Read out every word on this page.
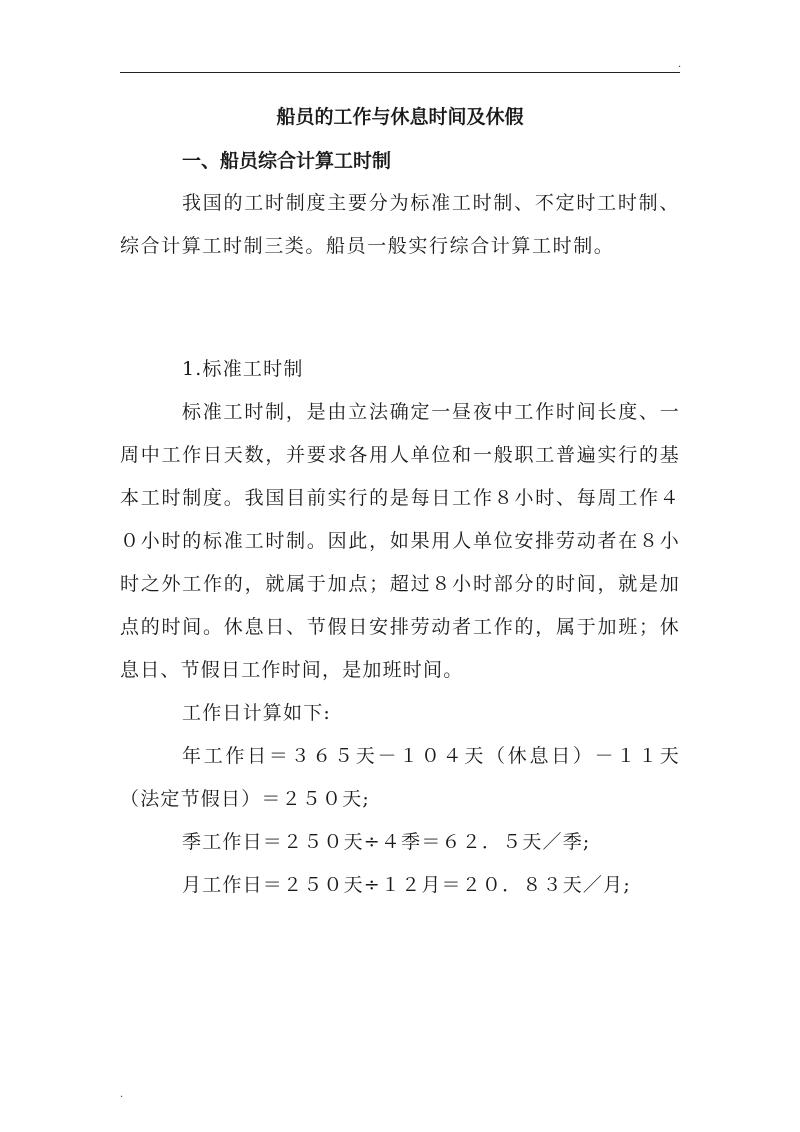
.
船员的工作与休息时间及休假
一、船员综合计算工时制

我国的工时制度主要分为标准工时制、不定时工时制、综合计算工时制三类。船员一般实行综合计算工时制。

1.标准工时制

标准工时制，是由立法确定一昼夜中工作时间长度、一周中工作日天数，并要求各用人单位和一般职工普遍实行的基本工时制度。我国目前实行的是每日工作８小时、每周工作４０小时的标准工时制。因此，如果用人单位安排劳动者在８小时之外工作的，就属于加点；超过８小时部分的时间，就是加点的时间。休息日、节假日安排劳动者工作的，属于加班；休息日、节假日工作时间，是加班时间。

工作日计算如下:

年工作日＝３６５天－１０４天（休息日）－１１天（法定节假日）＝２５０天;

季工作日＝２５０天÷４季＝６２．５天／季;

月工作日＝２５０天÷１２月＝２０．８３天／月;

.
